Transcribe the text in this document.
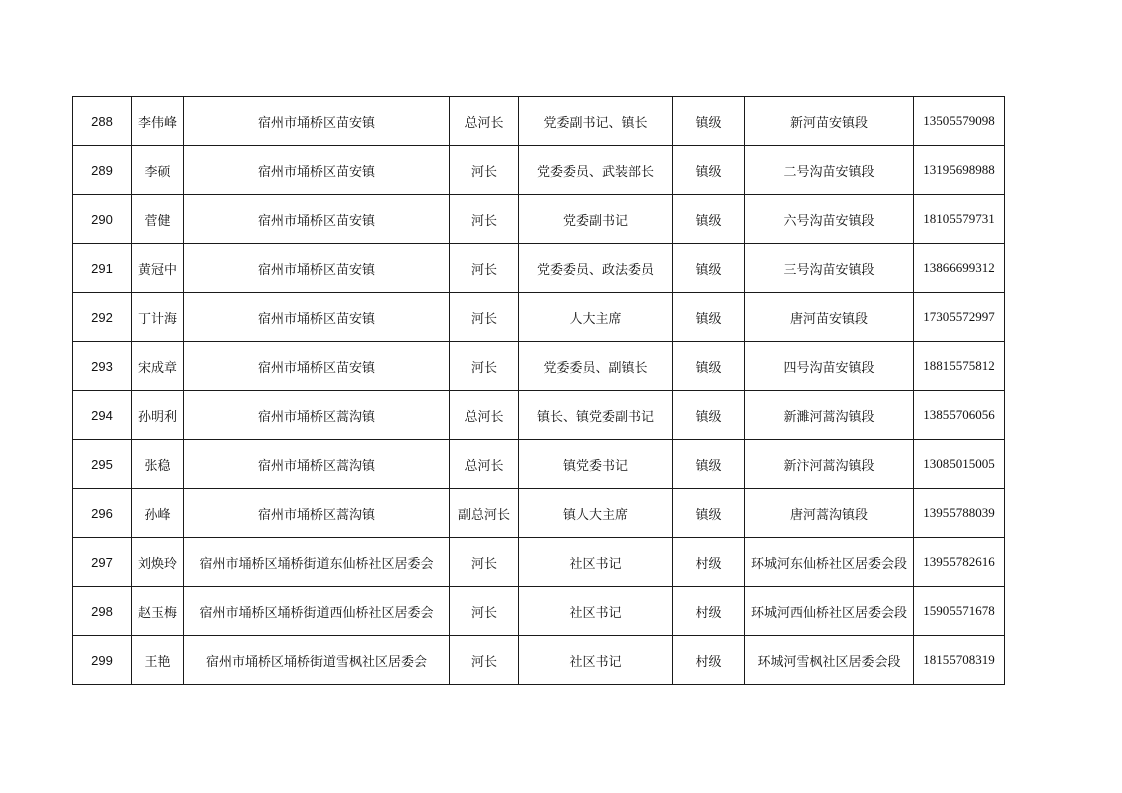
288	李伟峰	宿州市埇桥区苗安镇	总河长	党委副书记、镇长	镇级	新河苗安镇段	13505579098
289	李硕	宿州市埇桥区苗安镇	河长	党委委员、武装部长	镇级	二号沟苗安镇段	13195698988
290	菅健	宿州市埇桥区苗安镇	河长	党委副书记	镇级	六号沟苗安镇段	18105579731
291	黄冠中	宿州市埇桥区苗安镇	河长	党委委员、政法委员	镇级	三号沟苗安镇段	13866699312
292	丁计海	宿州市埇桥区苗安镇	河长	人大主席	镇级	唐河苗安镇段	17305572997
293	宋成章	宿州市埇桥区苗安镇	河长	党委委员、副镇长	镇级	四号沟苗安镇段	18815575812
294	孙明利	宿州市埇桥区蒿沟镇	总河长	镇长、镇党委副书记	镇级	新濉河蒿沟镇段	13855706056
295	张稳	宿州市埇桥区蒿沟镇	总河长	镇党委书记	镇级	新汴河蒿沟镇段	13085015005
296	孙峰	宿州市埇桥区蒿沟镇	副总河长	镇人大主席	镇级	唐河蒿沟镇段	13955788039
297	刘焕玲	宿州市埇桥区埇桥街道东仙桥社区居委会	河长	社区书记	村级	环城河东仙桥社区居委会段	13955782616
298	赵玉梅	宿州市埇桥区埇桥街道西仙桥社区居委会	河长	社区书记	村级	环城河西仙桥社区居委会段	15905571678
299	王艳	宿州市埇桥区埇桥街道雪枫社区居委会	河长	社区书记	村级	环城河雪枫社区居委会段	18155708319
